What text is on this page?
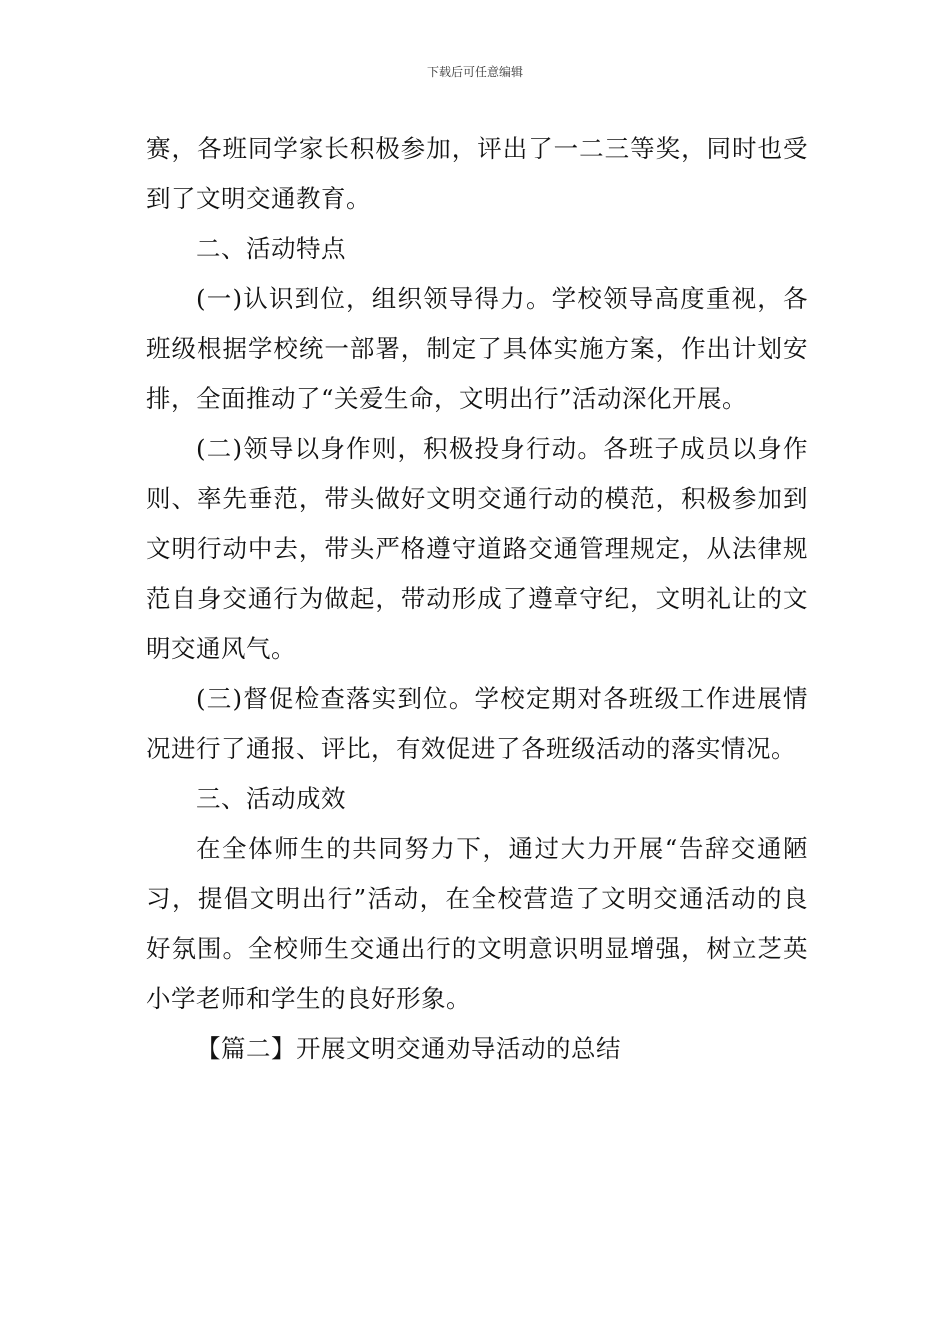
下载后可任意编辑

赛，各班同学家长积极参加，评出了一二三等奖，同时也受到了文明交通教育。

二、活动特点

(一)认识到位，组织领导得力。学校领导高度重视，各班级根据学校统一部署，制定了具体实施方案，作出计划安排，全面推动了“关爱生命，文明出行”活动深化开展。

(二)领导以身作则，积极投身行动。各班子成员以身作则、率先垂范，带头做好文明交通行动的模范，积极参加到文明行动中去，带头严格遵守道路交通管理规定，从法律规范自身交通行为做起，带动形成了遵章守纪，文明礼让的文明交通风气。

(三)督促检查落实到位。学校定期对各班级工作进展情况进行了通报、评比，有效促进了各班级活动的落实情况。

三、活动成效

在全体师生的共同努力下，通过大力开展“告辞交通陋习，提倡文明出行”活动，在全校营造了文明交通活动的良好氛围。全校师生交通出行的文明意识明显增强，树立芝英小学老师和学生的良好形象。

【篇二】开展文明交通劝导活动的总结
